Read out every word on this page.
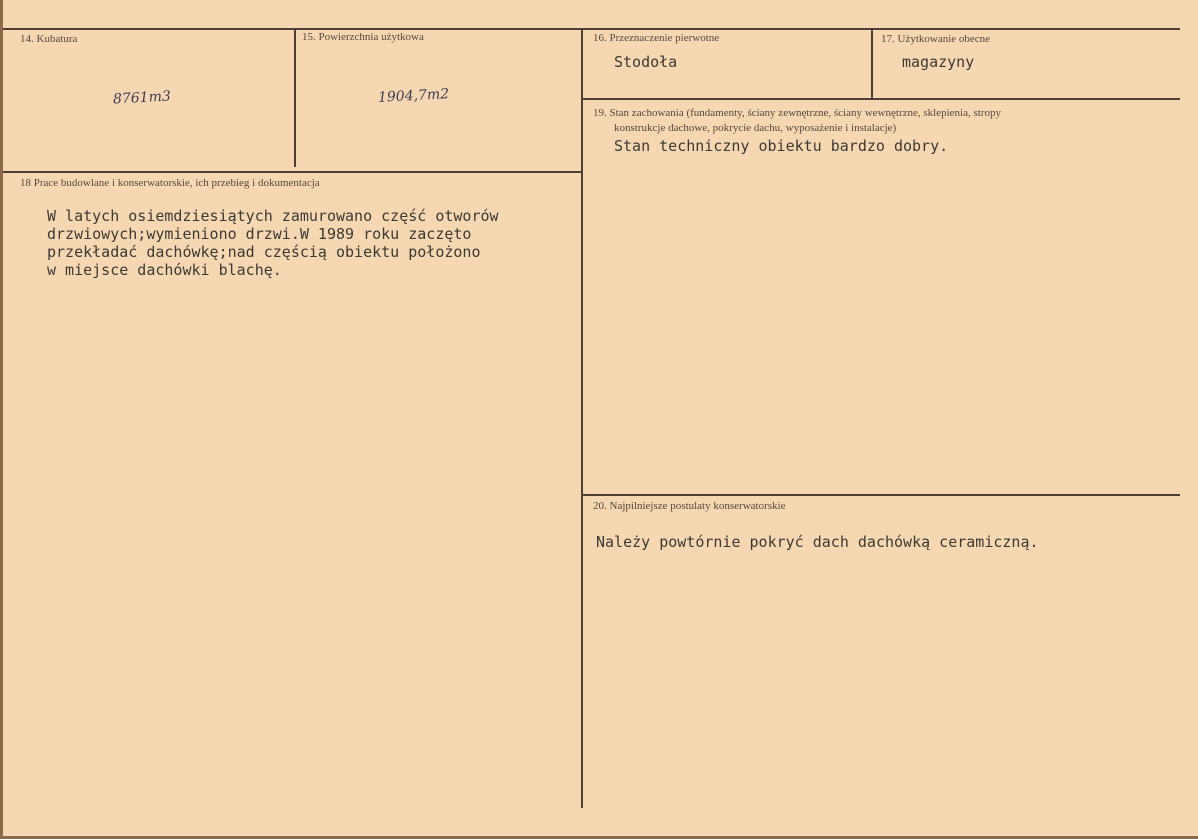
14. Kubatura
8761m3
15. Powierzchnia użytkowa
1904,7m2
16. Przeznaczenie pierwotne
Stodoła
17. Użytkowanie obecne
magazyny
19. Stan zachowania (fundamenty, ściany zewnętrzne, ściany wewnętrzne, sklepienia, stropy
konstrukcje dachowe, pokrycie dachu, wyposażenie i instalacje)
Stan techniczny obiektu bardzo dobry.
18 Prace budowlane i konserwatorskie, ich przebieg i dokumentacja
W latych osiemdziesiątych zamurowano część otworów
drzwiowych;wymieniono drzwi.W 1989 roku zaczęto
przekładać dachówkę;nad częścią obiektu położono
w miejsce dachówki blachę.
20. Najpilniejsze postulaty konserwatorskie
Należy powtórnie pokryć dach dachówką ceramiczną.
